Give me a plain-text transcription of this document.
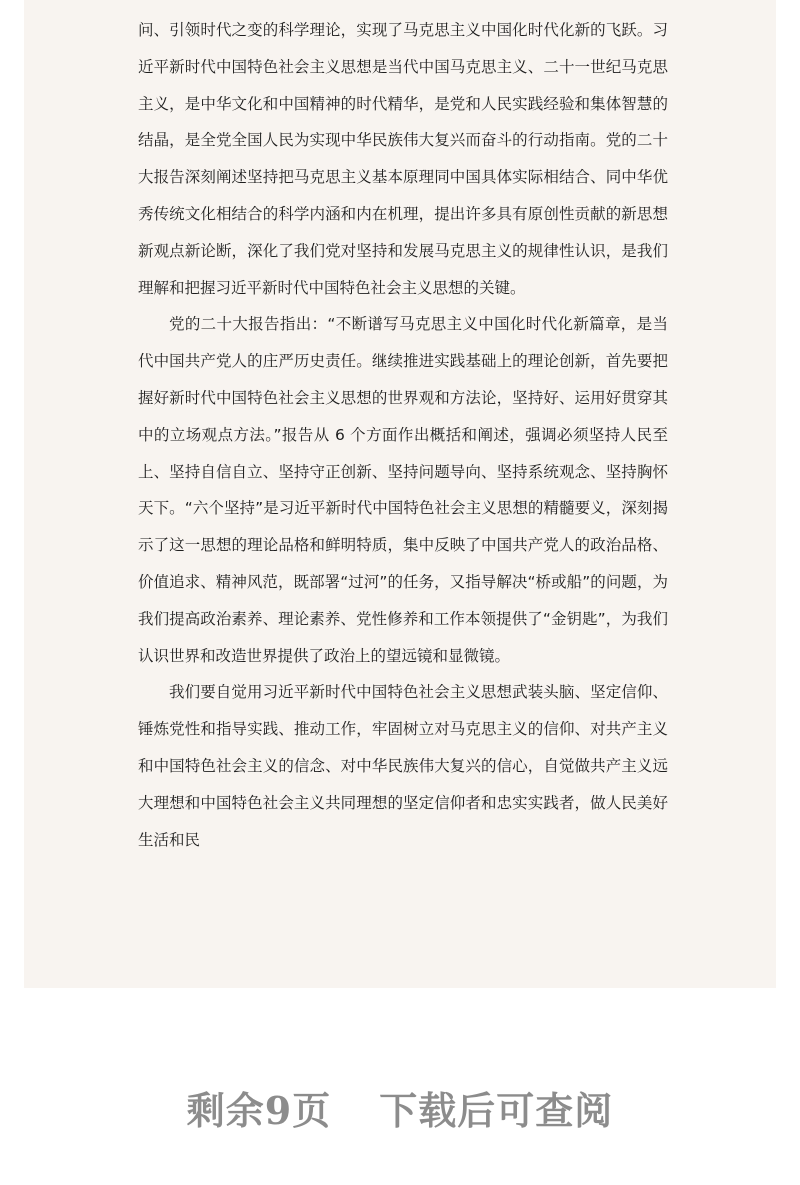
问、引领时代之变的科学理论，实现了马克思主义中国化时代化新的飞跃。习近平新时代中国特色社会主义思想是当代中国马克思主义、二十一世纪马克思主义，是中华文化和中国精神的时代精华，是党和人民实践经验和集体智慧的结晶，是全党全国人民为实现中华民族伟大复兴而奋斗的行动指南。党的二十大报告深刻阐述坚持把马克思主义基本原理同中国具体实际相结合、同中华优秀传统文化相结合的科学内涵和内在机理，提出许多具有原创性贡献的新思想新观点新论断，深化了我们党对坚持和发展马克思主义的规律性认识，是我们理解和把握习近平新时代中国特色社会主义思想的关键。

党的二十大报告指出：“不断谱写马克思主义中国化时代化新篇章，是当代中国共产党人的庄严历史责任。继续推进实践基础上的理论创新，首先要把握好新时代中国特色社会主义思想的世界观和方法论，坚持好、运用好贯穿其中的立场观点方法。”报告从 6 个方面作出概括和阐述，强调必须坚持人民至上、坚持自信自立、坚持守正创新、坚持问题导向、坚持系统观念、坚持胸怀天下。“六个坚持”是习近平新时代中国特色社会主义思想的精髓要义，深刻揭示了这一思想的理论品格和鲜明特质，集中反映了中国共产党人的政治品格、价值追求、精神风范，既部署“过河”的任务，又指导解决“桥或船”的问题，为我们提高政治素养、理论素养、党性修养和工作本领提供了“金钥匙”，为我们认识世界和改造世界提供了政治上的望远镜和显微镜。

我们要自觉用习近平新时代中国特色社会主义思想武装头脑、坚定信仰、锤炼党性和指导实践、推动工作，牢固树立对马克思主义的信仰、对共产主义和中国特色社会主义的信念、对中华民族伟大复兴的信心，自觉做共产主义远大理想和中国特色社会主义共同理想的坚定信仰者和忠实实践者，做人民美好生活和民

剩余9页 下载后可查阅
